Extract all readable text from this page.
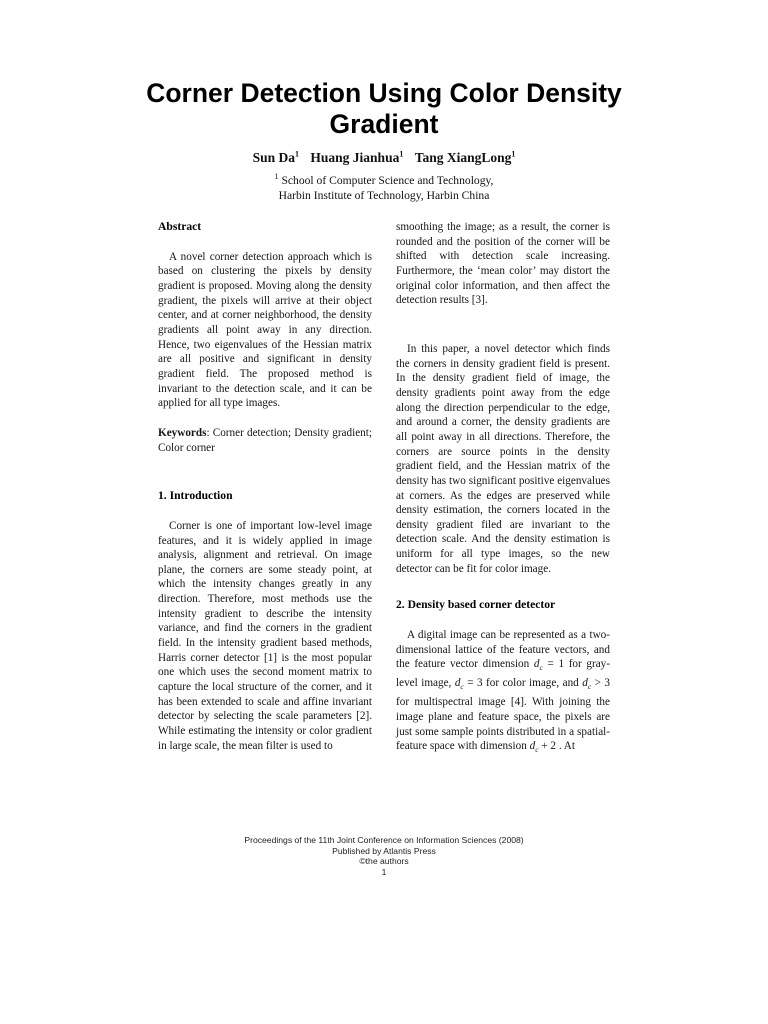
Corner Detection Using Color Density
Gradient
Sun Da$^1$ Huang Jianhua$^1$ Tang XiangLong$^1$
$^1$ School of Computer Science and Technology,
Harbin Institute of Technology, Harbin China

Abstract

A novel corner detection approach which is based on clustering the pixels by density gradient is proposed. Moving along the density gradient, the pixels will arrive at their object center, and at corner neighborhood, the density gradients all point away in any direction. Hence, two eigenvalues of the Hessian matrix are all positive and significant in density gradient field. The proposed method is invariant to the detection scale, and it can be applied for all type images.

Keywords: Corner detection; Density gradient; Color corner

1. Introduction

Corner is one of important low-level image features, and it is widely applied in image analysis, alignment and retrieval. On image plane, the corners are some steady point, at which the intensity changes greatly in any direction. Therefore, most methods use the intensity gradient to describe the intensity variance, and find the corners in the gradient field. In the intensity gradient based methods, Harris corner detector [1] is the most popular one which uses the second moment matrix to capture the local structure of the corner, and it has been extended to scale and affine invariant detector by selecting the scale parameters [2]. While estimating the intensity or color gradient in large scale, the mean filter is used to

smoothing the image; as a result, the corner is rounded and the position of the corner will be shifted with detection scale increasing. Furthermore, the ‘mean color’ may distort the original color information, and then affect the detection results [3].

In this paper, a novel detector which finds the corners in density gradient field is present. In the density gradient field of image, the density gradients point away from the edge along the direction perpendicular to the edge, and around a corner, the density gradients are all point away in all directions. Therefore, the corners are source points in the density gradient field, and the Hessian matrix of the density has two significant positive eigenvalues at corners. As the edges are preserved while density estimation, the corners located in the density gradient filed are invariant to the detection scale. And the density estimation is uniform for all type images, so the new detector can be fit for color image.

2. Density based corner detector

A digital image can be represented as a two-dimensional lattice of the feature vectors, and the feature vector dimension $d_c = 1$ for gray-level image, $d_c = 3$ for color image, and $d_c > 3$ for multispectral image [4]. With joining the image plane and feature space, the pixels are just some sample points distributed in a spatial-feature space with dimension $d_c + 2$ . At

Proceedings of the 11th Joint Conference on Information Sciences (2008)
Published by Atlantis Press
©the authors
1
